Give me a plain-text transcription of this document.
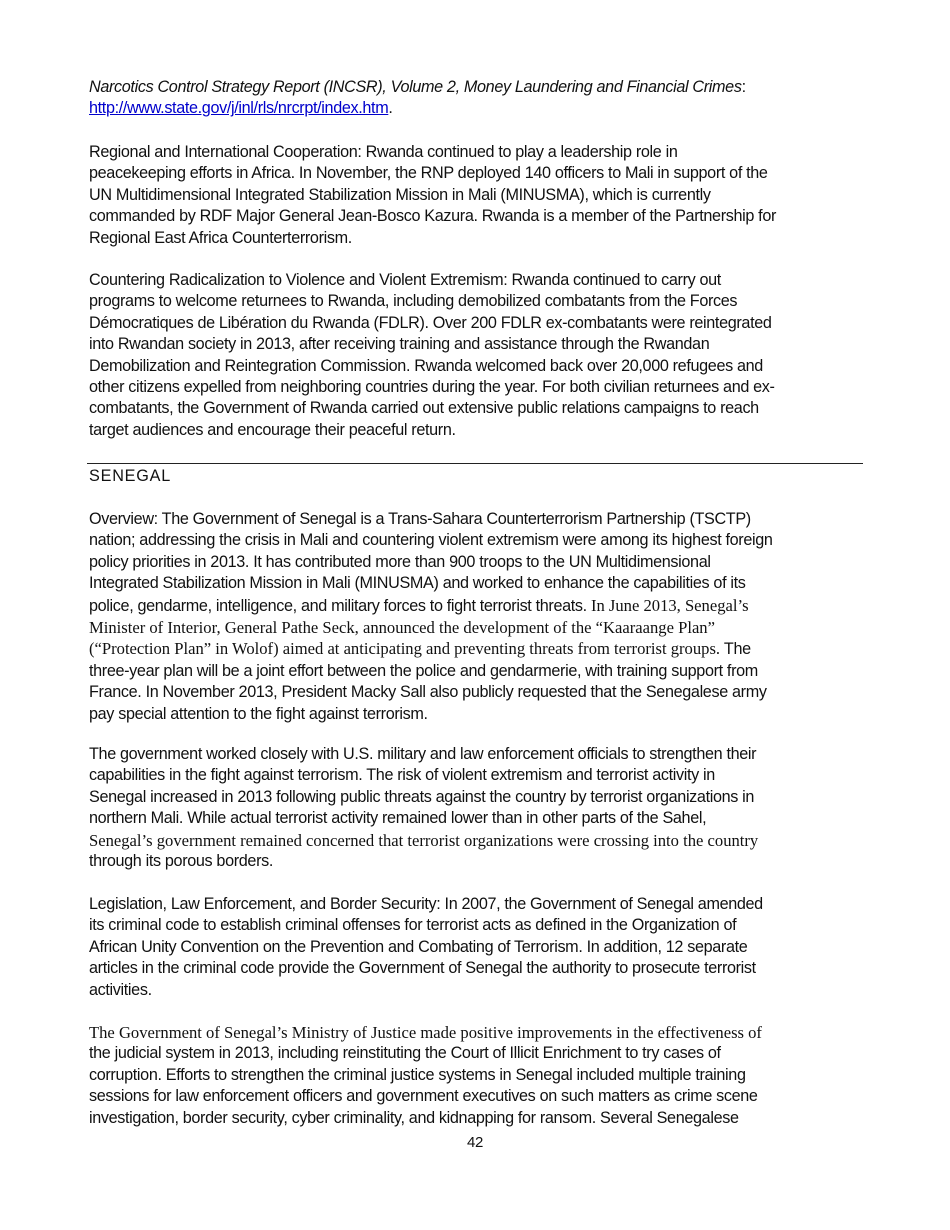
Narcotics Control Strategy Report (INCSR), Volume 2, Money Laundering and Financial Crimes:
http://www.state.gov/j/inl/rls/nrcrpt/index.htm.
Regional and International Cooperation: Rwanda continued to play a leadership role in
peacekeeping efforts in Africa. In November, the RNP deployed 140 officers to Mali in support of the
UN Multidimensional Integrated Stabilization Mission in Mali (MINUSMA), which is currently
commanded by RDF Major General Jean-Bosco Kazura. Rwanda is a member of the Partnership for
Regional East Africa Counterterrorism.
Countering Radicalization to Violence and Violent Extremism: Rwanda continued to carry out
programs to welcome returnees to Rwanda, including demobilized combatants from the Forces
Démocratiques de Libération du Rwanda (FDLR). Over 200 FDLR ex-combatants were reintegrated
into Rwandan society in 2013, after receiving training and assistance through the Rwandan
Demobilization and Reintegration Commission. Rwanda welcomed back over 20,000 refugees and
other citizens expelled from neighboring countries during the year. For both civilian returnees and ex-
combatants, the Government of Rwanda carried out extensive public relations campaigns to reach
target audiences and encourage their peaceful return.
SENEGAL
Overview: The Government of Senegal is a Trans-Sahara Counterterrorism Partnership (TSCTP)
nation; addressing the crisis in Mali and countering violent extremism were among its highest foreign
policy priorities in 2013. It has contributed more than 900 troops to the UN Multidimensional
Integrated Stabilization Mission in Mali (MINUSMA) and worked to enhance the capabilities of its
police, gendarme, intelligence, and military forces to fight terrorist threats. In June 2013, Senegal’s
Minister of Interior, General Pathe Seck, announced the development of the “Kaaraange Plan”
(“Protection Plan” in Wolof) aimed at anticipating and preventing threats from terrorist groups. The
three-year plan will be a joint effort between the police and gendarmerie, with training support from
France. In November 2013, President Macky Sall also publicly requested that the Senegalese army
pay special attention to the fight against terrorism.
The government worked closely with U.S. military and law enforcement officials to strengthen their
capabilities in the fight against terrorism. The risk of violent extremism and terrorist activity in
Senegal increased in 2013 following public threats against the country by terrorist organizations in
northern Mali. While actual terrorist activity remained lower than in other parts of the Sahel,
Senegal’s government remained concerned that terrorist organizations were crossing into the country
through its porous borders.
Legislation, Law Enforcement, and Border Security: In 2007, the Government of Senegal amended
its criminal code to establish criminal offenses for terrorist acts as defined in the Organization of
African Unity Convention on the Prevention and Combating of Terrorism. In addition, 12 separate
articles in the criminal code provide the Government of Senegal the authority to prosecute terrorist
activities.
The Government of Senegal’s Ministry of Justice made positive improvements in the effectiveness of
the judicial system in 2013, including reinstituting the Court of Illicit Enrichment to try cases of
corruption. Efforts to strengthen the criminal justice systems in Senegal included multiple training
sessions for law enforcement officers and government executives on such matters as crime scene
investigation, border security, cyber criminality, and kidnapping for ransom. Several Senegalese
42
